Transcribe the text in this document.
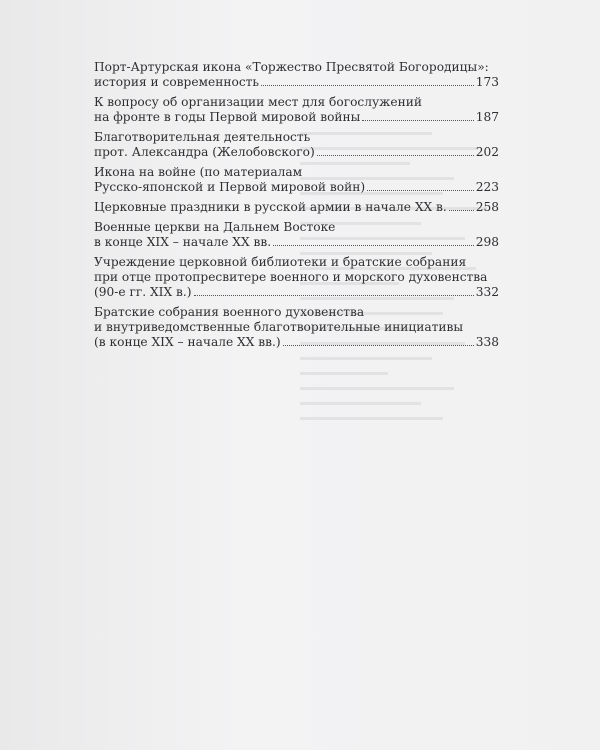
Порт-Артурская икона «Торжество Пресвятой Богородицы»:
история и современность	173
К вопросу об организации мест для богослужений
на фронте в годы Первой мировой войны	187
Благотворительная деятельность
прот. Александра (Желобовского)	202
Икона на войне (по материалам
Русско-японской и Первой мировой войн)	223
Церковные праздники в русской армии в начале XX в. 258
Военные церкви на Дальнем Востоке
в конце XIX – начале XX вв.	298
Учреждение церковной библиотеки и братские собрания
при отце протопресвитере военного и морского духовенства
(90-е гг. XIX в.)	332
Братские собрания военного духовенства
и внутриведомственные благотворительные инициативы
(в конце XIX – начале XX вв.)	338
